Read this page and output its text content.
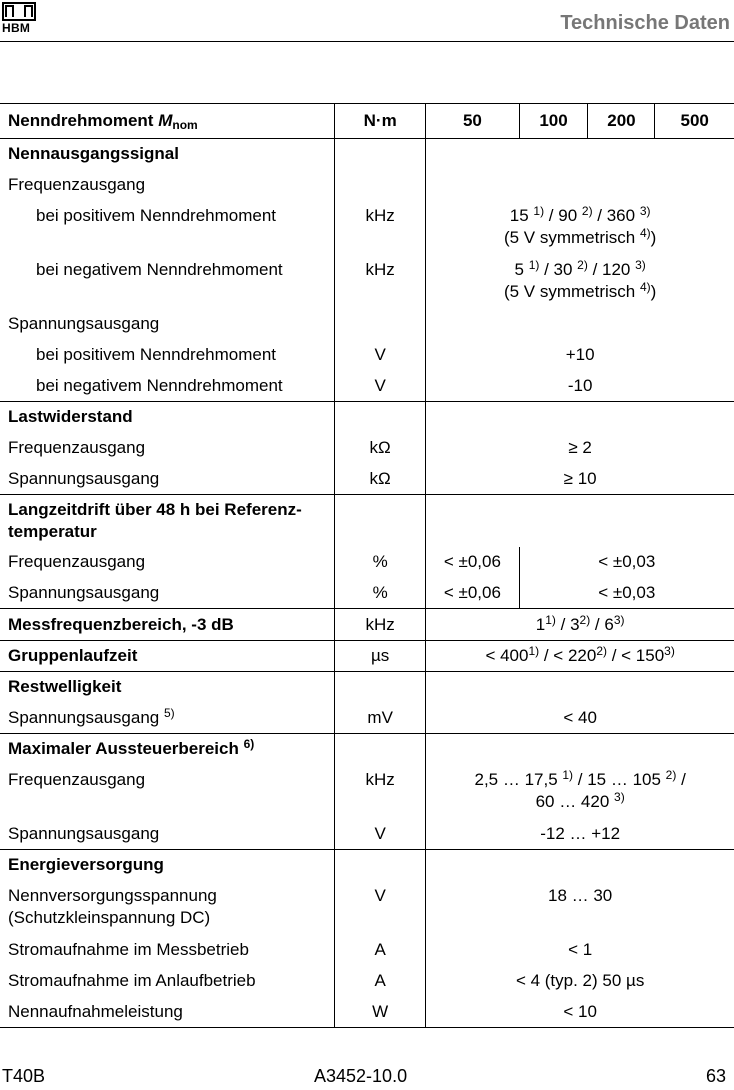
HBM	Technische Daten
Nenndrehmoment $M_{nom}$	N·m	50	100	200	500
Nennausgangssignal					
Frequenzausgang					
bei positivem Nenndrehmoment	kHz	15 $^{1)}$ / 90 $^{2)}$ / 360 $^{3)}$
(5 V symmetrisch $^{4)}$)			

bei negativem Nenndrehmoment	kHz	5 $^{1)}$ / 30 $^{2)}$ / 120 $^{3)}$
(5 V symmetrisch $^{4)}$)			

Spannungsausgang					
bei positivem Nenndrehmoment	V	+10			
bei negativem Nenndrehmoment	V	-10			
Lastwiderstand					
Frequenzausgang	kΩ	≥ 2			
Spannungsausgang	kΩ	≥ 10			

Langzeitdrift über 48 h bei Referenz-
temperatur					

Frequenzausgang	%	< ±0,06	< ±0,03		
Spannungsausgang	%	< ±0,06	< ±0,03		
Messfrequenzbereich, -3 dB	kHz	1$^{1)}$ / 3$^{2)}$ / 6$^{3)}$
Gruppenlaufzeit	µs	< $400^{1)}$ / < $220^{2)}$ / < $150^{3)}$
Restwelligkeit					
Spannungsausgang $^{5)}$	mV	< 40			
Maximaler Aussteuerbereich $^{6)}$		
Frequenzausgang	kHz	2,5 … 17,5 $^{1)}$ / 15 … 105 $^{2)}$ /
60 … 420 $^{3)}$

Spannungsausgang	V	-12 … +12			
Energieversorgung					

Nennversorgungsspannung
(Schutzkleinspannung DC)	V	18 … 30			
Stromaufnahme im Messbetrieb	A	< 1			
Stromaufnahme im Anlaufbetrieb	A	< 4 (typ. 2) 50 µs			
Nennaufnahmeleistung	W	< 10			
T40B	A3452-10.0	63
